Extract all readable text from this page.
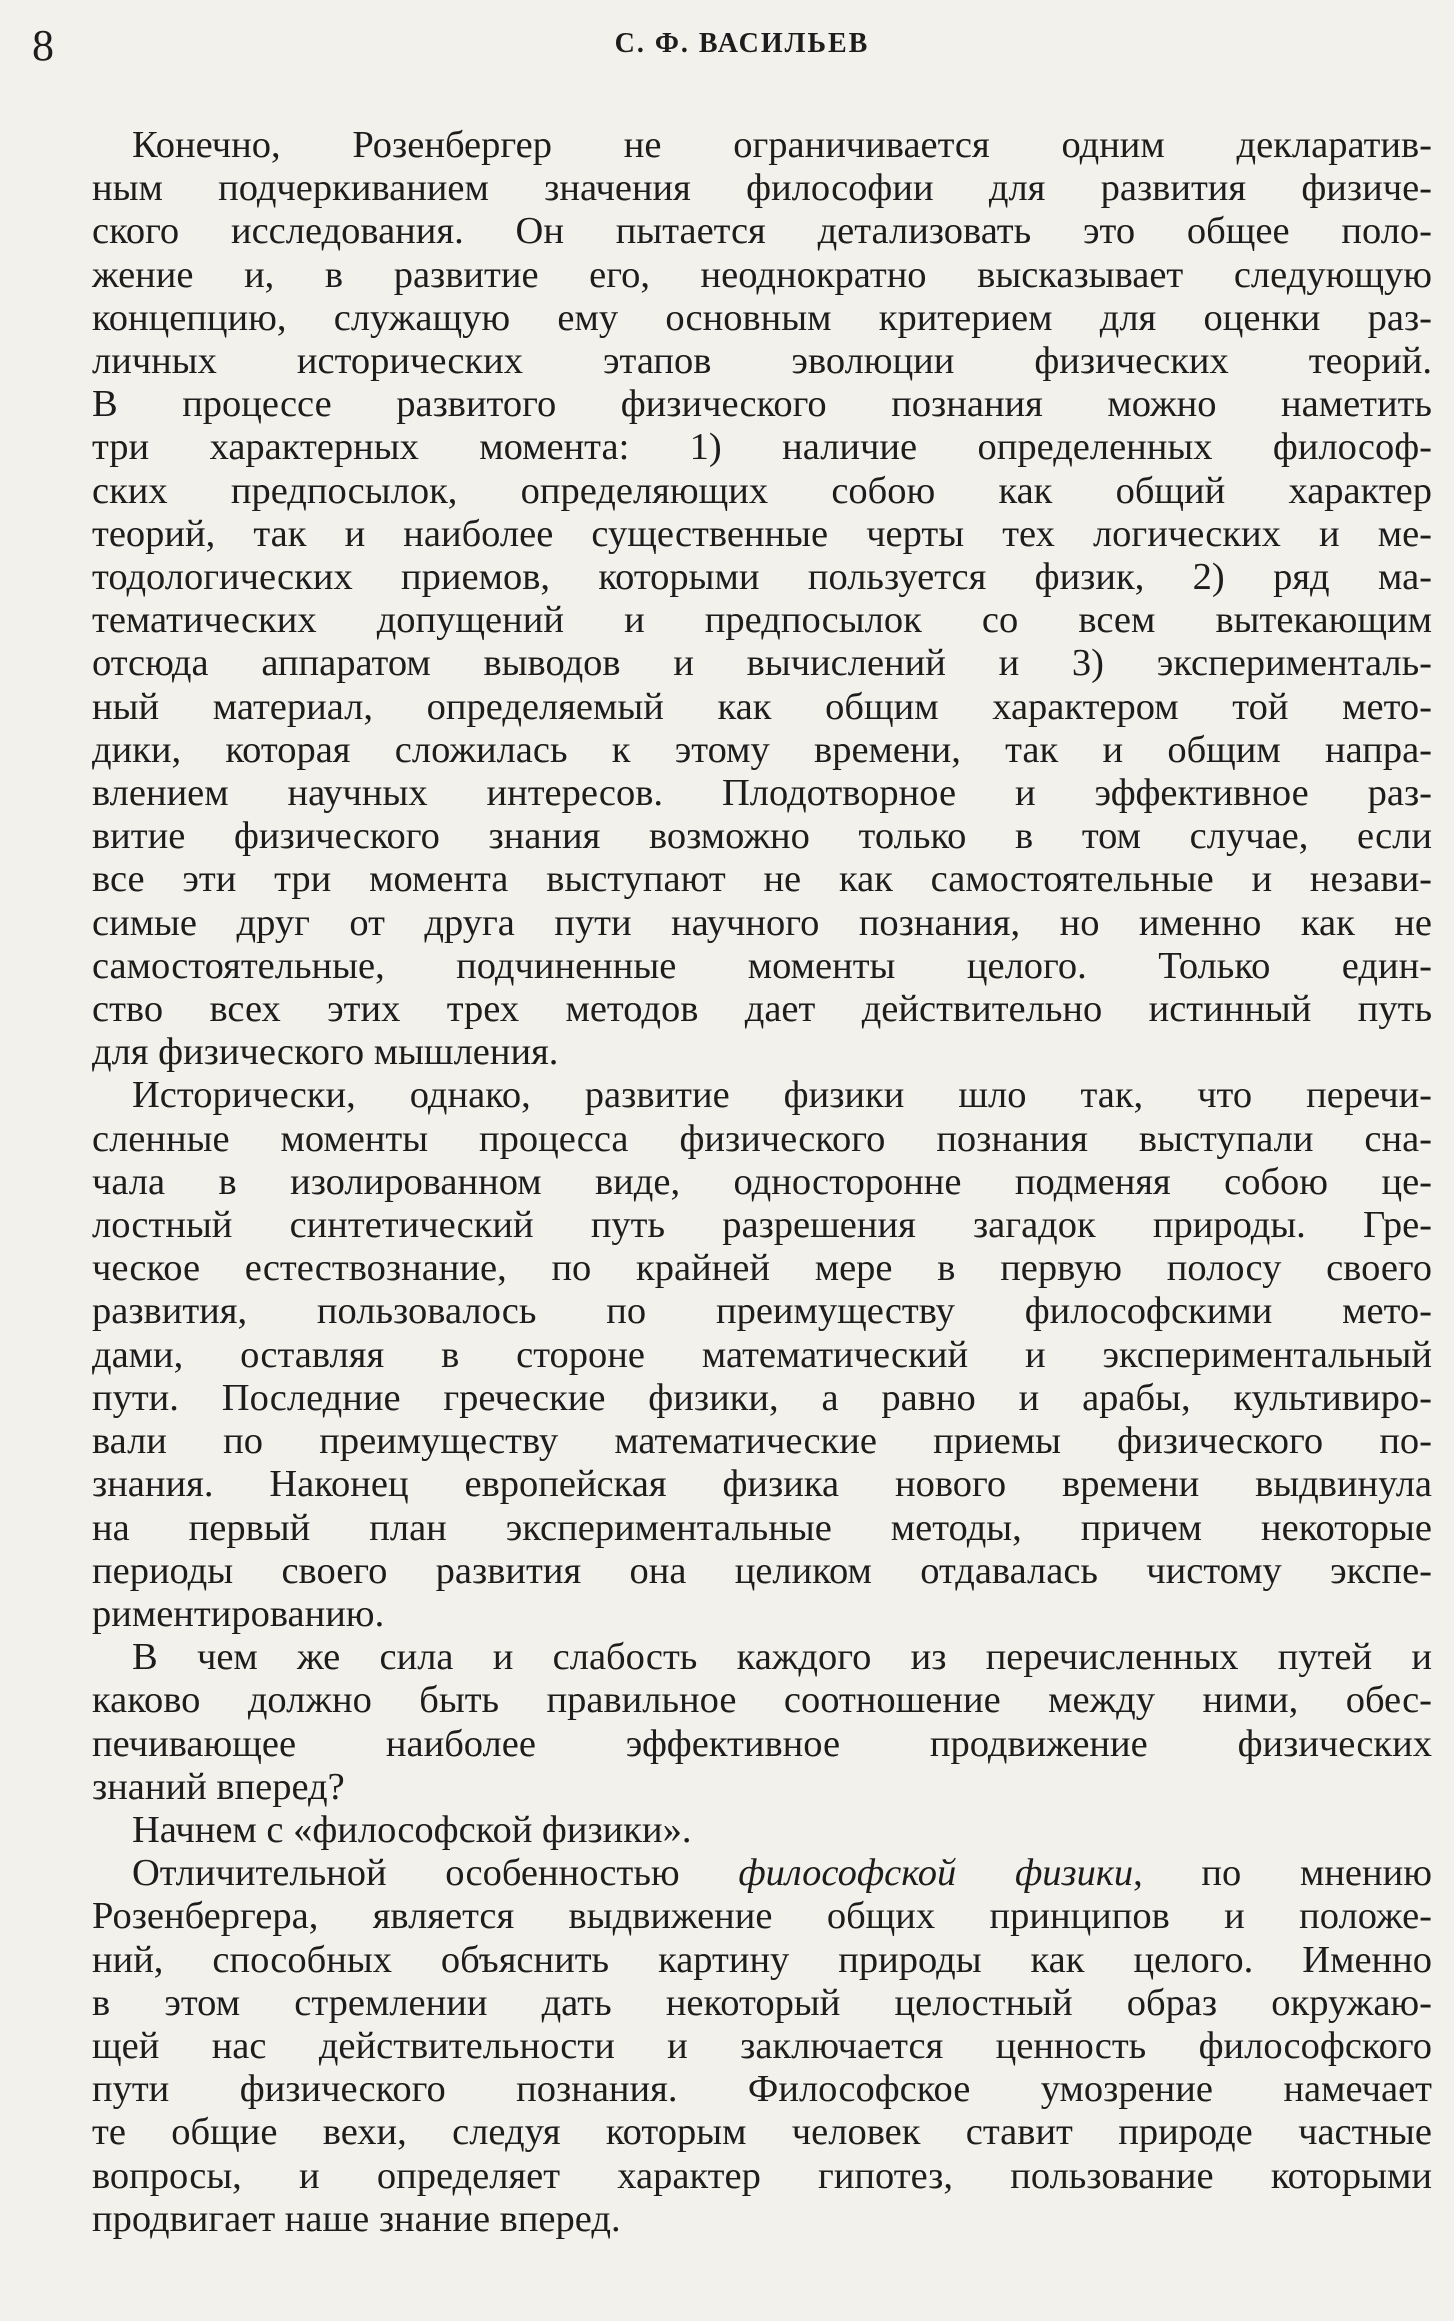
8	С. Ф. ВАСИЛЬЕВ

Конечно, Розенбергер не ограничивается одним декларатив-
ным подчеркиванием значения философии для развития физиче-
ского исследования. Он пытается детализовать это общее поло-
жение и, в развитие его, неоднократно высказывает следующую
концепцию, служащую ему основным критерием для оценки раз-
личных исторических этапов эволюции физических теорий.
В процессе развитого физического познания можно наметить
три характерных момента: 1) наличие определенных философ-
ских предпосылок, определяющих собою как общий характер
теорий, так и наиболее существенные черты тех логических и ме-
тодологических приемов, которыми пользуется физик, 2) ряд ма-
тематических допущений и предпосылок со всем вытекающим
отсюда аппаратом выводов и вычислений и 3) эксперименталь-
ный материал, определяемый как общим характером той мето-
дики, которая сложилась к этому времени, так и общим напра-
влением научных интересов. Плодотворное и эффективное раз-
витие физического знания возможно только в том случае, если
все эти три момента выступают не как самостоятельные и незави-
симые друг от друга пути научного познания, но именно как не
самостоятельные, подчиненные моменты целого. Только един-
ство всех этих трех методов дает действительно истинный путь
для физического мышления.

Исторически, однако, развитие физики шло так, что перечи-
сленные моменты процесса физического познания выступали сна-
чала в изолированном виде, односторонне подменяя собою це-
лостный синтетический путь разрешения загадок природы. Гре-
ческое естествознание, по крайней мере в первую полосу своего
развития, пользовалось по преимуществу философскими мето-
дами, оставляя в стороне математический и экспериментальный
пути. Последние греческие физики, а равно и арабы, культивиро-
вали по преимуществу математические приемы физического по-
знания. Наконец европейская физика нового времени выдвинула
на первый план экспериментальные методы, причем некоторые
периоды своего развития она целиком отдавалась чистому экспе-
риментированию.

В чем же сила и слабость каждого из перечисленных путей и
каково должно быть правильное соотношение между ними, обес-
печивающее наиболее эффективное продвижение физических
знаний вперед?

Начнем с «философской физики».

Отличительной особенностью философской физики, по мнению
Розенбергера, является выдвижение общих принципов и положе-
ний, способных объяснить картину природы как целого. Именно
в этом стремлении дать некоторый целостный образ окружаю-
щей нас действительности и заключается ценность философского
пути физического познания. Философское умозрение намечает
те общие вехи, следуя которым человек ставит природе частные
вопросы, и определяет характер гипотез, пользование которыми
продвигает наше знание вперед.
